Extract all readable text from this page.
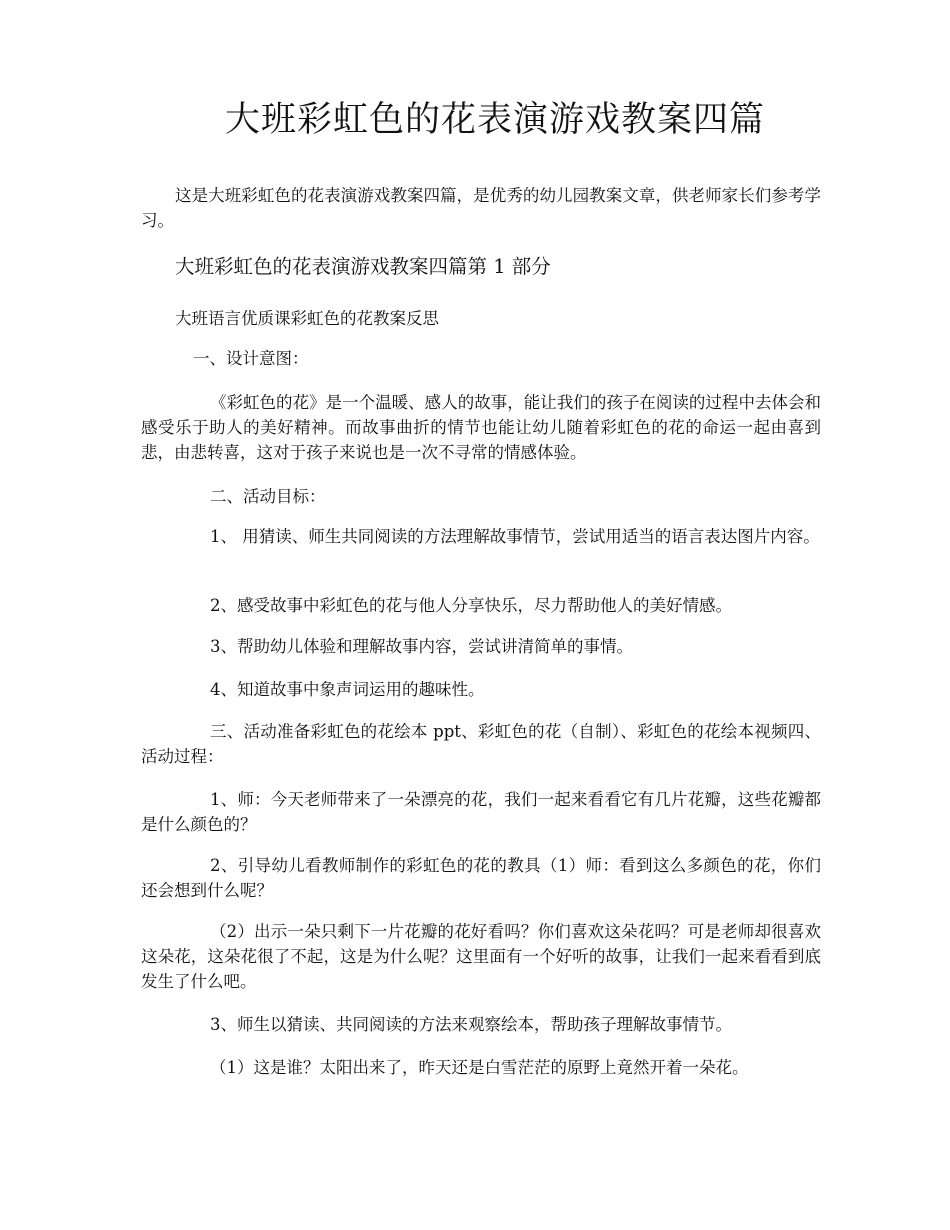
大班彩虹色的花表演游戏教案四篇

这是大班彩虹色的花表演游戏教案四篇，是优秀的幼儿园教案文章，供老师家长们参考学习。

大班彩虹色的花表演游戏教案四篇第 1 部分

大班语言优质课彩虹色的花教案反思

一、设计意图：

《彩虹色的花》是一个温暖、感人的故事，能让我们的孩子在阅读的过程中去体会和感受乐于助人的美好精神。而故事曲折的情节也能让幼儿随着彩虹色的花的命运一起由喜到悲，由悲转喜，这对于孩子来说也是一次不寻常的情感体验。

二、活动目标：

1、 用猜读、师生共同阅读的方法理解故事情节，尝试用适当的语言表达图片内容。

2、感受故事中彩虹色的花与他人分享快乐，尽力帮助他人的美好情感。

3、帮助幼儿体验和理解故事内容，尝试讲清简单的事情。

4、知道故事中象声词运用的趣味性。

三、活动准备彩虹色的花绘本 ppt、彩虹色的花（自制）、彩虹色的花绘本视频四、活动过程：

1、师：今天老师带来了一朵漂亮的花，我们一起来看看它有几片花瓣，这些花瓣都是什么颜色的？

2、引导幼儿看教师制作的彩虹色的花的教具（1）师：看到这么多颜色的花，你们还会想到什么呢？

（2）出示一朵只剩下一片花瓣的花好看吗？你们喜欢这朵花吗？可是老师却很喜欢这朵花，这朵花很了不起，这是为什么呢？这里面有一个好听的故事，让我们一起来看看到底发生了什么吧。

3、师生以猜读、共同阅读的方法来观察绘本，帮助孩子理解故事情节。

（1）这是谁？太阳出来了，昨天还是白雪茫茫的原野上竟然开着一朵花。
